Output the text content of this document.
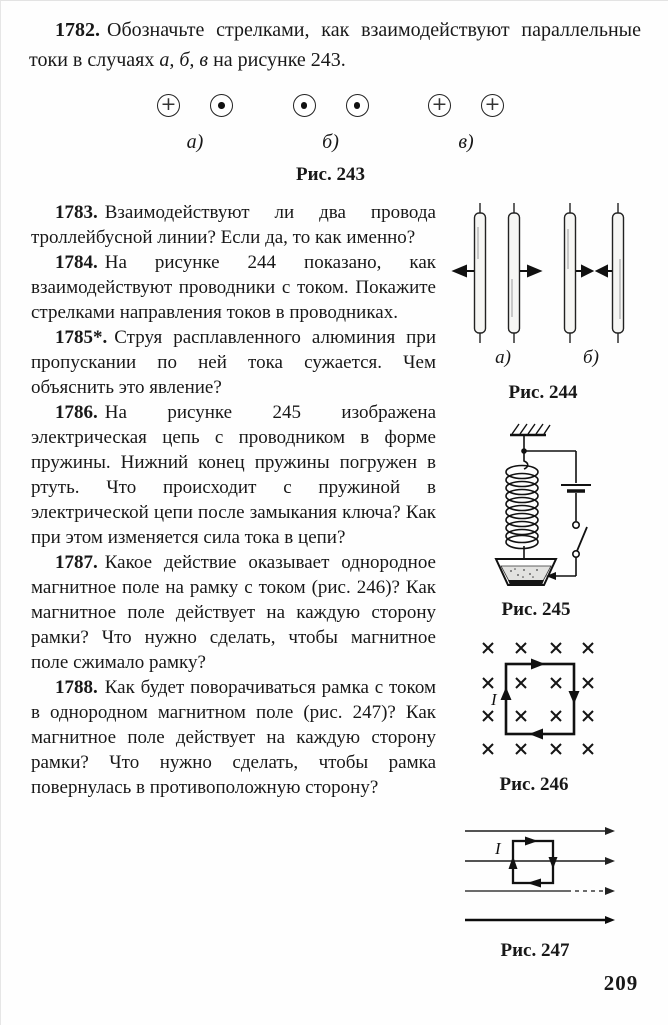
1782. Обозначьте стрелками, как взаимодействуют параллельные токи в случаях а, б, в на рисунке 243.

+
а)	б)
+ +
в)
Рис. 243

1783. Взаимодействуют ли два провода троллейбусной линии? Если да, то как именно?

1784. На рисунке 244 показано, как взаимодействуют проводники с током. Покажите стрелками направления токов в проводниках.

1785*. Струя расплавленного алюминия при пропускании по ней тока сужается. Чем объяснить это явление?

1786. На рисунке 245 изображена электрическая цепь с проводником в форме пружины. Нижний конец пружины погружен в ртуть. Что происходит с пружиной в электрической цепи после замыкания ключа? Как при этом изменяется сила тока в цепи?

1787. Какое действие оказывает однородное магнитное поле на рамку с током (рис. 246)? Как магнитное поле действует на каждую сторону рамки? Что нужно сделать, чтобы магнитное поле сжимало рамку?

1788. Как будет поворачиваться рамка с током в однородном магнитном поле (рис. 247)? Как магнитное поле действует на каждую сторону рамки? Что нужно сделать, чтобы рамка повернулась в противоположную сторону?

а)	б)
Рис. 244
Рис. 245
I
Рис. 246
I
Рис. 247
209
